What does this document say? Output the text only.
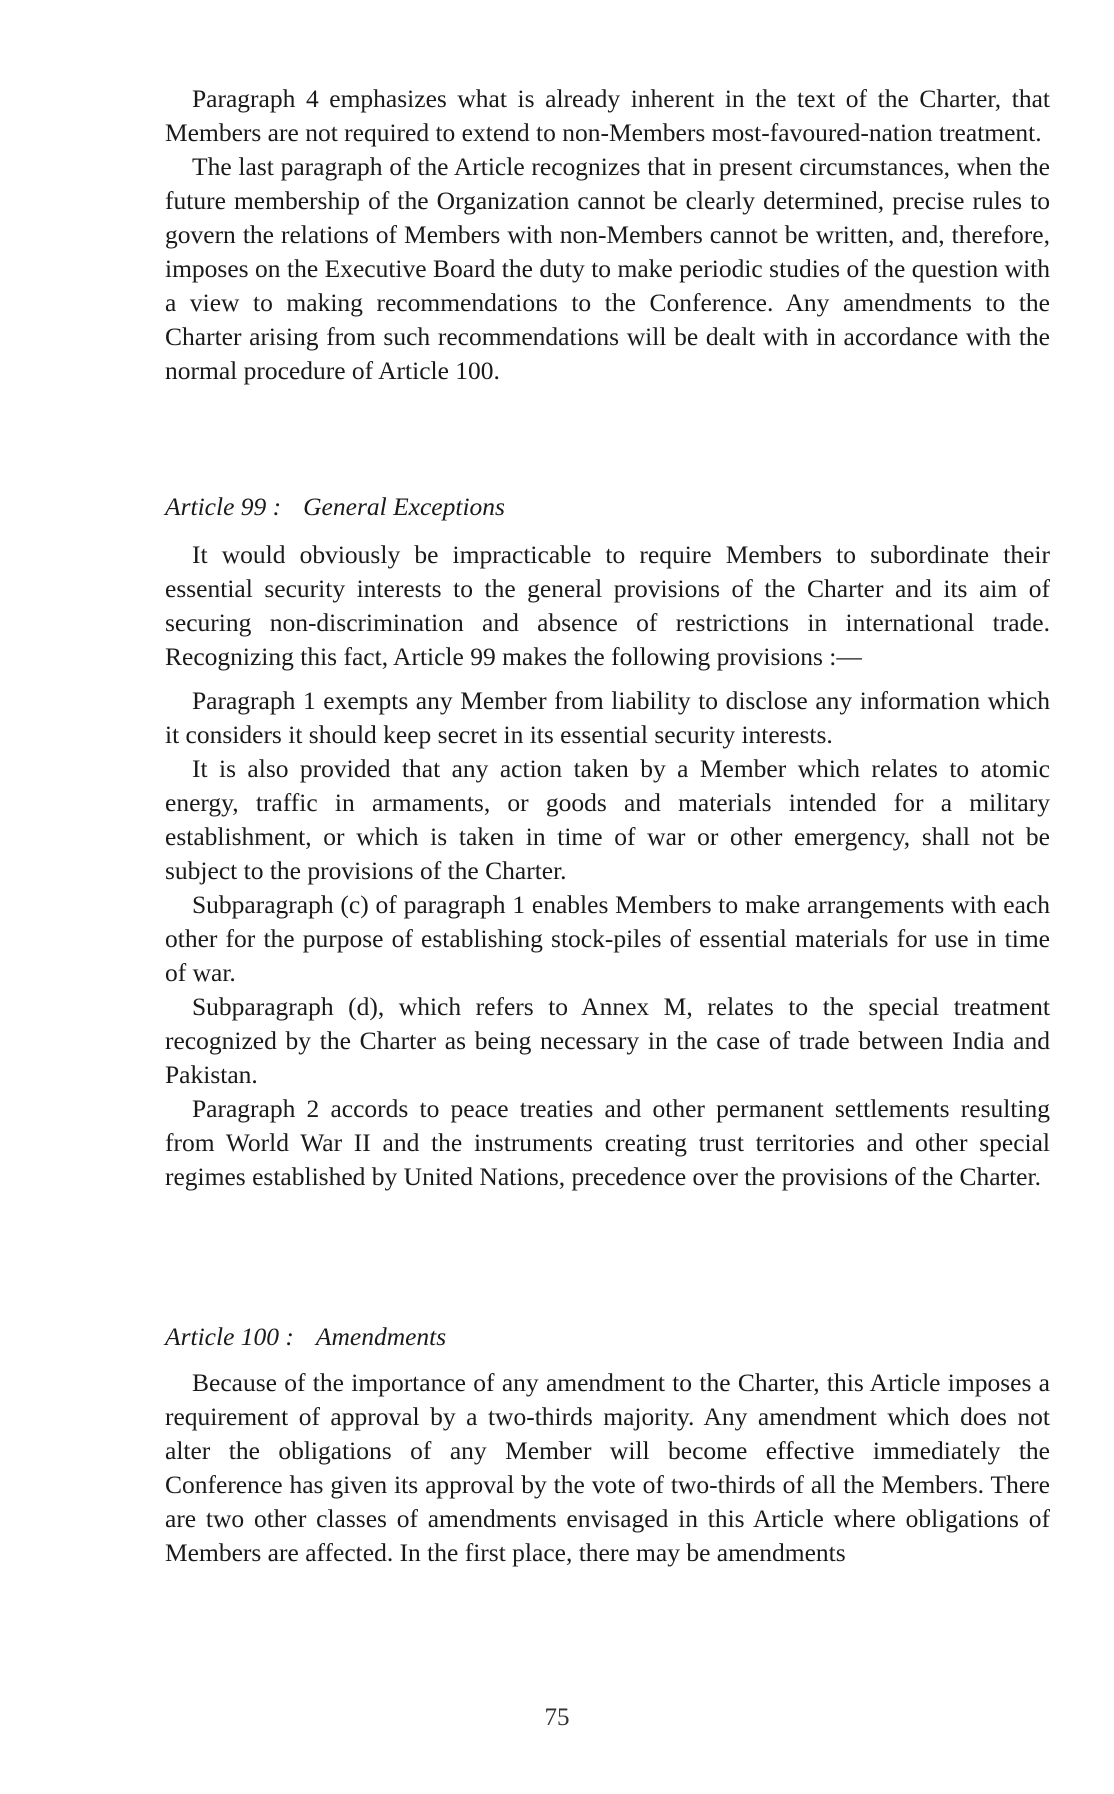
Paragraph 4 emphasizes what is already inherent in the text of the Charter, that Members are not required to extend to non-Members most-favoured-nation treatment.

The last paragraph of the Article recognizes that in present circumstances, when the future membership of the Organization cannot be clearly determined, precise rules to govern the relations of Members with non-Members cannot be written, and, therefore, imposes on the Executive Board the duty to make periodic studies of the question with a view to making recommendations to the Conference. Any amendments to the Charter arising from such recommendations will be dealt with in accordance with the normal procedure of Article 100.

Article 99 : General Exceptions

It would obviously be impracticable to require Members to subordinate their essential security interests to the general provisions of the Charter and its aim of securing non-discrimination and absence of restrictions in international trade. Recognizing this fact, Article 99 makes the following provisions :—

Paragraph 1 exempts any Member from liability to disclose any information which it considers it should keep secret in its essential security interests.

It is also provided that any action taken by a Member which relates to atomic energy, traffic in armaments, or goods and materials intended for a military establishment, or which is taken in time of war or other emergency, shall not be subject to the provisions of the Charter.

Subparagraph (c) of paragraph 1 enables Members to make arrangements with each other for the purpose of establishing stock-piles of essential materials for use in time of war.

Subparagraph (d), which refers to Annex M, relates to the special treatment recognized by the Charter as being necessary in the case of trade between India and Pakistan.

Paragraph 2 accords to peace treaties and other permanent settlements resulting from World War II and the instruments creating trust territories and other special regimes established by United Nations, precedence over the provisions of the Charter.

Article 100 : Amendments

Because of the importance of any amendment to the Charter, this Article imposes a requirement of approval by a two-thirds majority. Any amendment which does not alter the obligations of any Member will become effective immediately the Conference has given its approval by the vote of two-thirds of all the Members. There are two other classes of amendments envisaged in this Article where obligations of Members are affected. In the first place, there may be amendments

75
